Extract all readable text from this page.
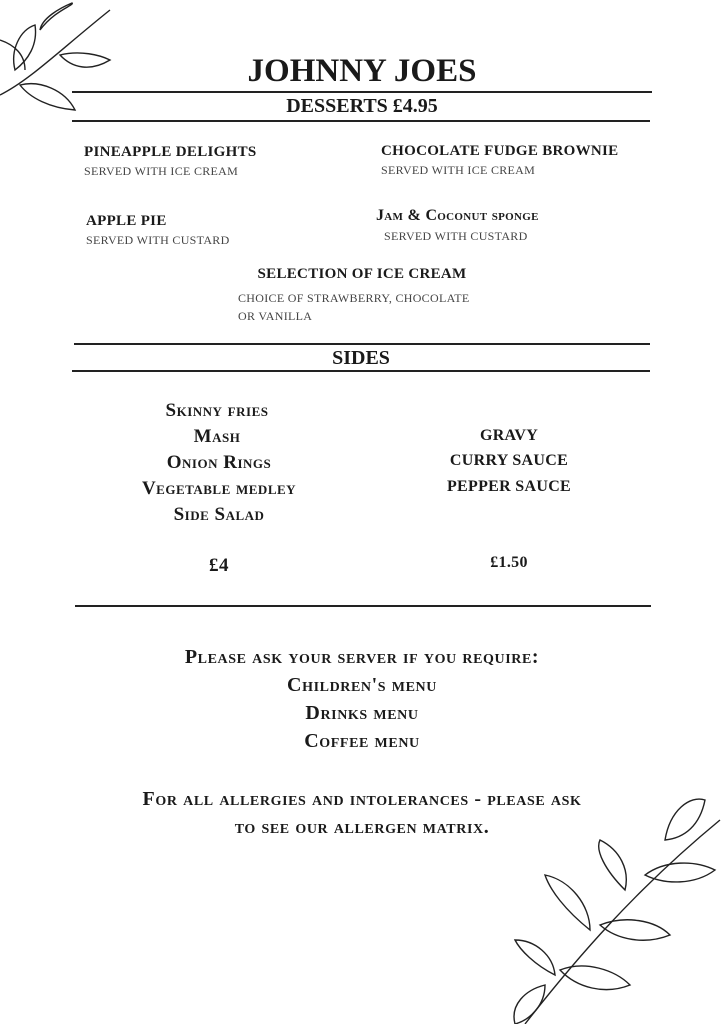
JOHNNY JOES
DESSERTS £4.95
PINEAPPLE DELIGHTS
SERVED WITH ICE CREAM
CHOCOLATE FUDGE BROWNIE
SERVED WITH ICE CREAM
APPLE PIE
SERVED WITH CUSTARD
Jam & Coconut sponge
SERVED WITH CUSTARD
SELECTION OF ICE CREAM
CHOICE OF STRAWBERRY, CHOCOLATE
OR VANILLA
SIDES
Skinny fries
Mash
Onion Rings
Vegetable medley
Side Salad
£4
GRAVY
CURRY SAUCE
PEPPER SAUCE
£1.50
Please ask your server if you require:
Children's menu
Drinks menu
Coffee menu
For all allergies and intolerances - please ask
to see our allergen matrix.
